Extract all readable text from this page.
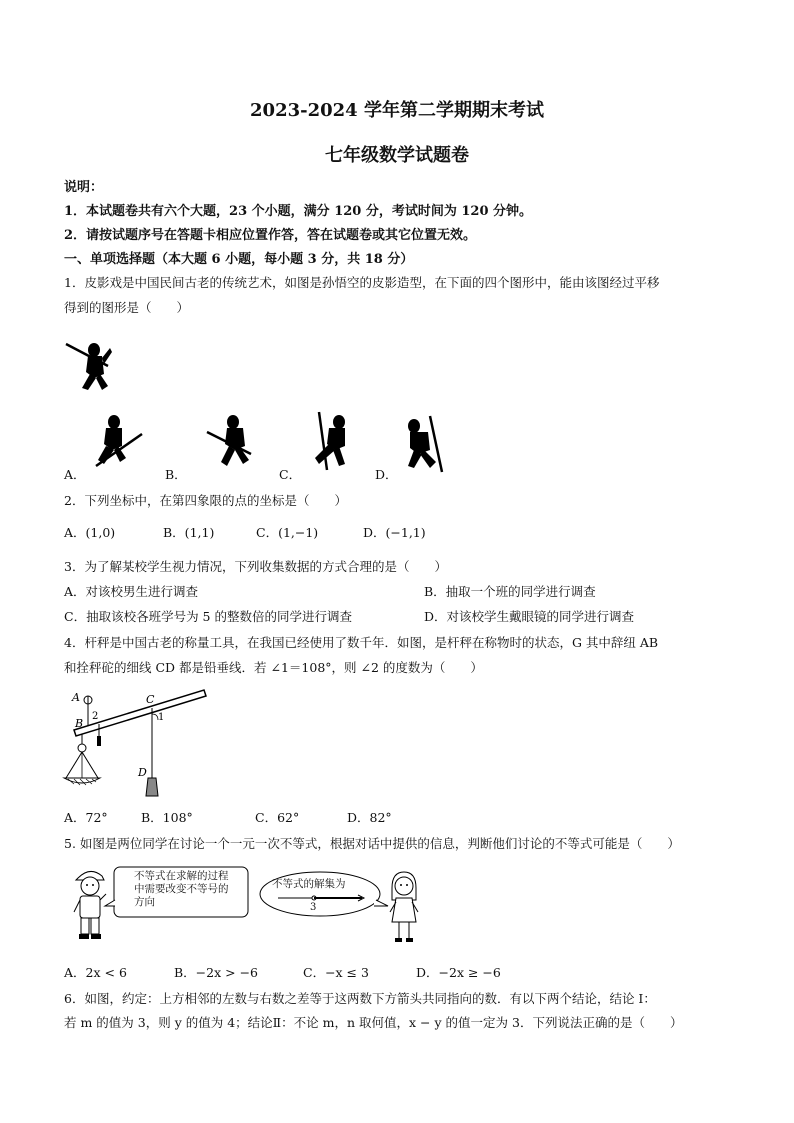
2023-2024 学年第二学期期末考试
七年级数学试题卷
说明：
1．本试题卷共有六个大题，23 个小题，满分 120 分，考试时间为 120 分钟。
2．请按试题序号在答题卡相应位置作答，答在试题卷或其它位置无效。
一、单项选择题（本大题 6 小题，每小题 3 分，共 18 分）
1．皮影戏是中国民间古老的传统艺术，如图是孙悟空的皮影造型，在下面的四个图形中，能由该图经过平移
得到的图形是（　　）
A．	B．	C．	D．
2．下列坐标中，在第四象限的点的坐标是（　　）
A．(1,0)	B．(1,1)	C．(1,−1)	D．(−1,1)
3．为了解某校学生视力情况，下列收集数据的方式合理的是（　　）
A．对该校男生进行调查	B．抽取一个班的同学进行调查
C．抽取该校各班学号为 5 的整数倍的同学进行调查	D．对该校学生戴眼镜的同学进行调查
4．杆秤是中国古老的称量工具，在我国已经使用了数千年．如图，是杆秤在称物时的状态，G 其中辞纽 AB
和拴秤砣的细线 CD 都是铅垂线．若 ∠1＝108°，则 ∠2 的度数为（　　）
A
B
C
D
1
2
A．72°	B．108°	C．62°	D．82°
5. 如图是两位同学在讨论一个一元一次不等式，根据对话中提供的信息，判断他们讨论的不等式可能是（　　）
不等式在求解的过程
中需要改变不等号的
方向
不等式的解集为
3
A．2x < 6	B．−2x > −6	C．−x ≤ 3	D．−2x ≥ −6
6．如图，约定：上方相邻的左数与右数之差等于这两数下方箭头共同指向的数．有以下两个结论，结论 I：
若 m 的值为 3，则 y 的值为 4；结论Ⅱ：不论 m，n 取何值，x − y 的值一定为 3．下列说法正确的是（　　）
